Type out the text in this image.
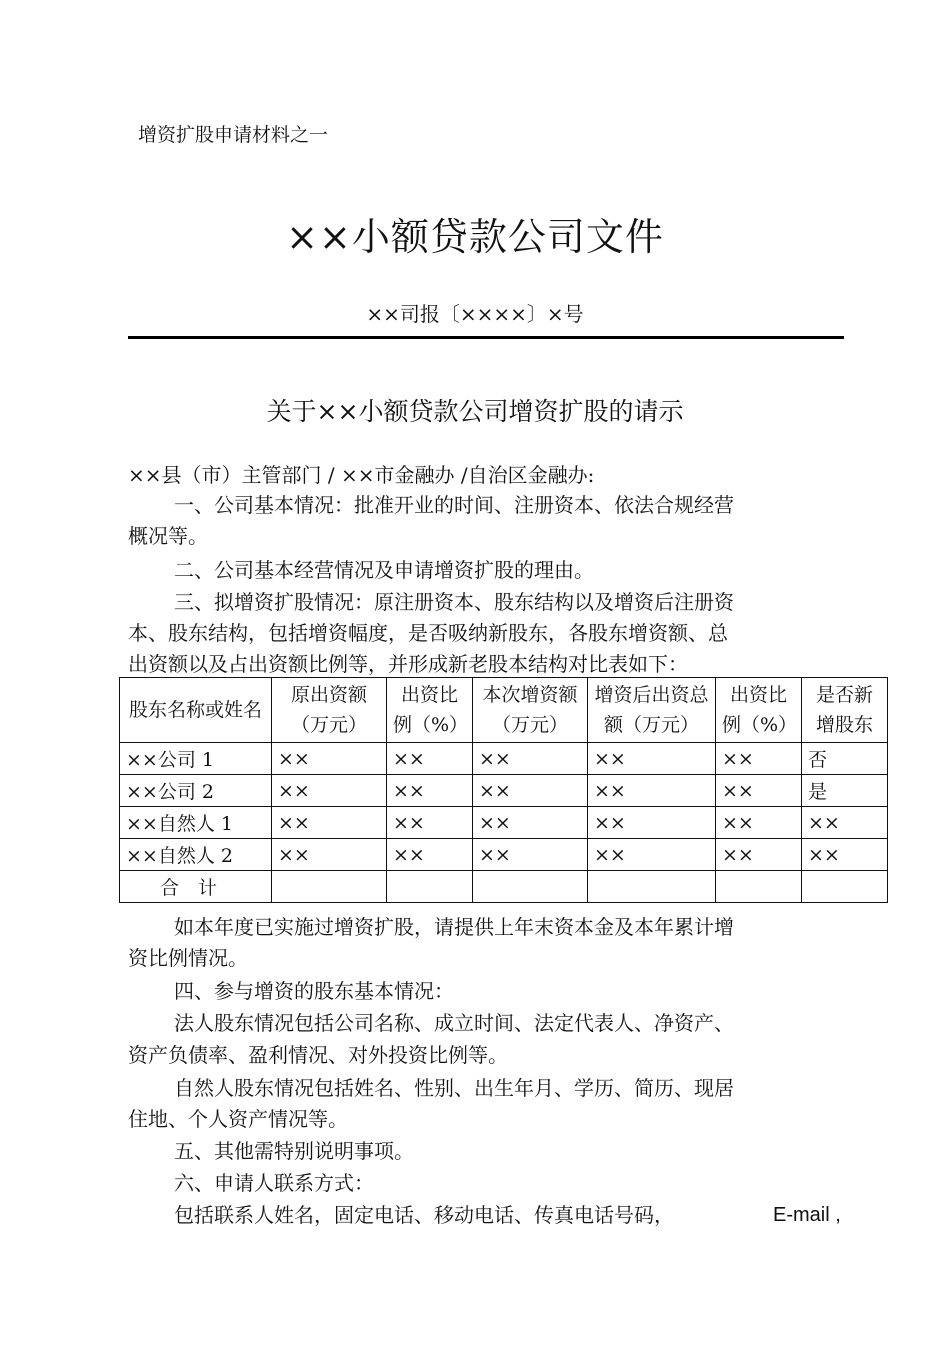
增资扩股申请材料之一
××小额贷款公司文件
××司报〔××××〕×号
关于××小额贷款公司增资扩股的请示
××县（市）主管部门 / ××市金融办 /自治区金融办:
一、公司基本情况：批准开业的时间、注册资本、依法合规经营
概况等。
二、公司基本经营情况及申请增资扩股的理由。
三、拟增资扩股情况：原注册资本、股东结构以及增资后注册资
本、股东结构，包括增资幅度，是否吸纳新股东，各股东增资额、总
出资额以及占出资额比例等，并形成新老股本结构对比表如下：
股东名称或姓名	原出资额（万元）	出资比例（%）	本次增资额（万元）	增资后出资总额（万元）	出资比例（%）	是否新增股东
××公司 1	××	××	××	××	××	否
××公司 2	××	××	××	××	××	是
××自然人 1	××	××	××	××	××	××
××自然人 2	××	××	××	××	××	××
合　计						
如本年度已实施过增资扩股，请提供上年末资本金及本年累计增
资比例情况。
四、参与增资的股东基本情况：
法人股东情况包括公司名称、成立时间、法定代表人、净资产、
资产负债率、盈利情况、对外投资比例等。
自然人股东情况包括姓名、性别、出生年月、学历、简历、现居
住地、个人资产情况等。
五、其他需特别说明事项。
六、申请人联系方式：
包括联系人姓名，固定电话、移动电话、传真电话号码，	E-mail ,
